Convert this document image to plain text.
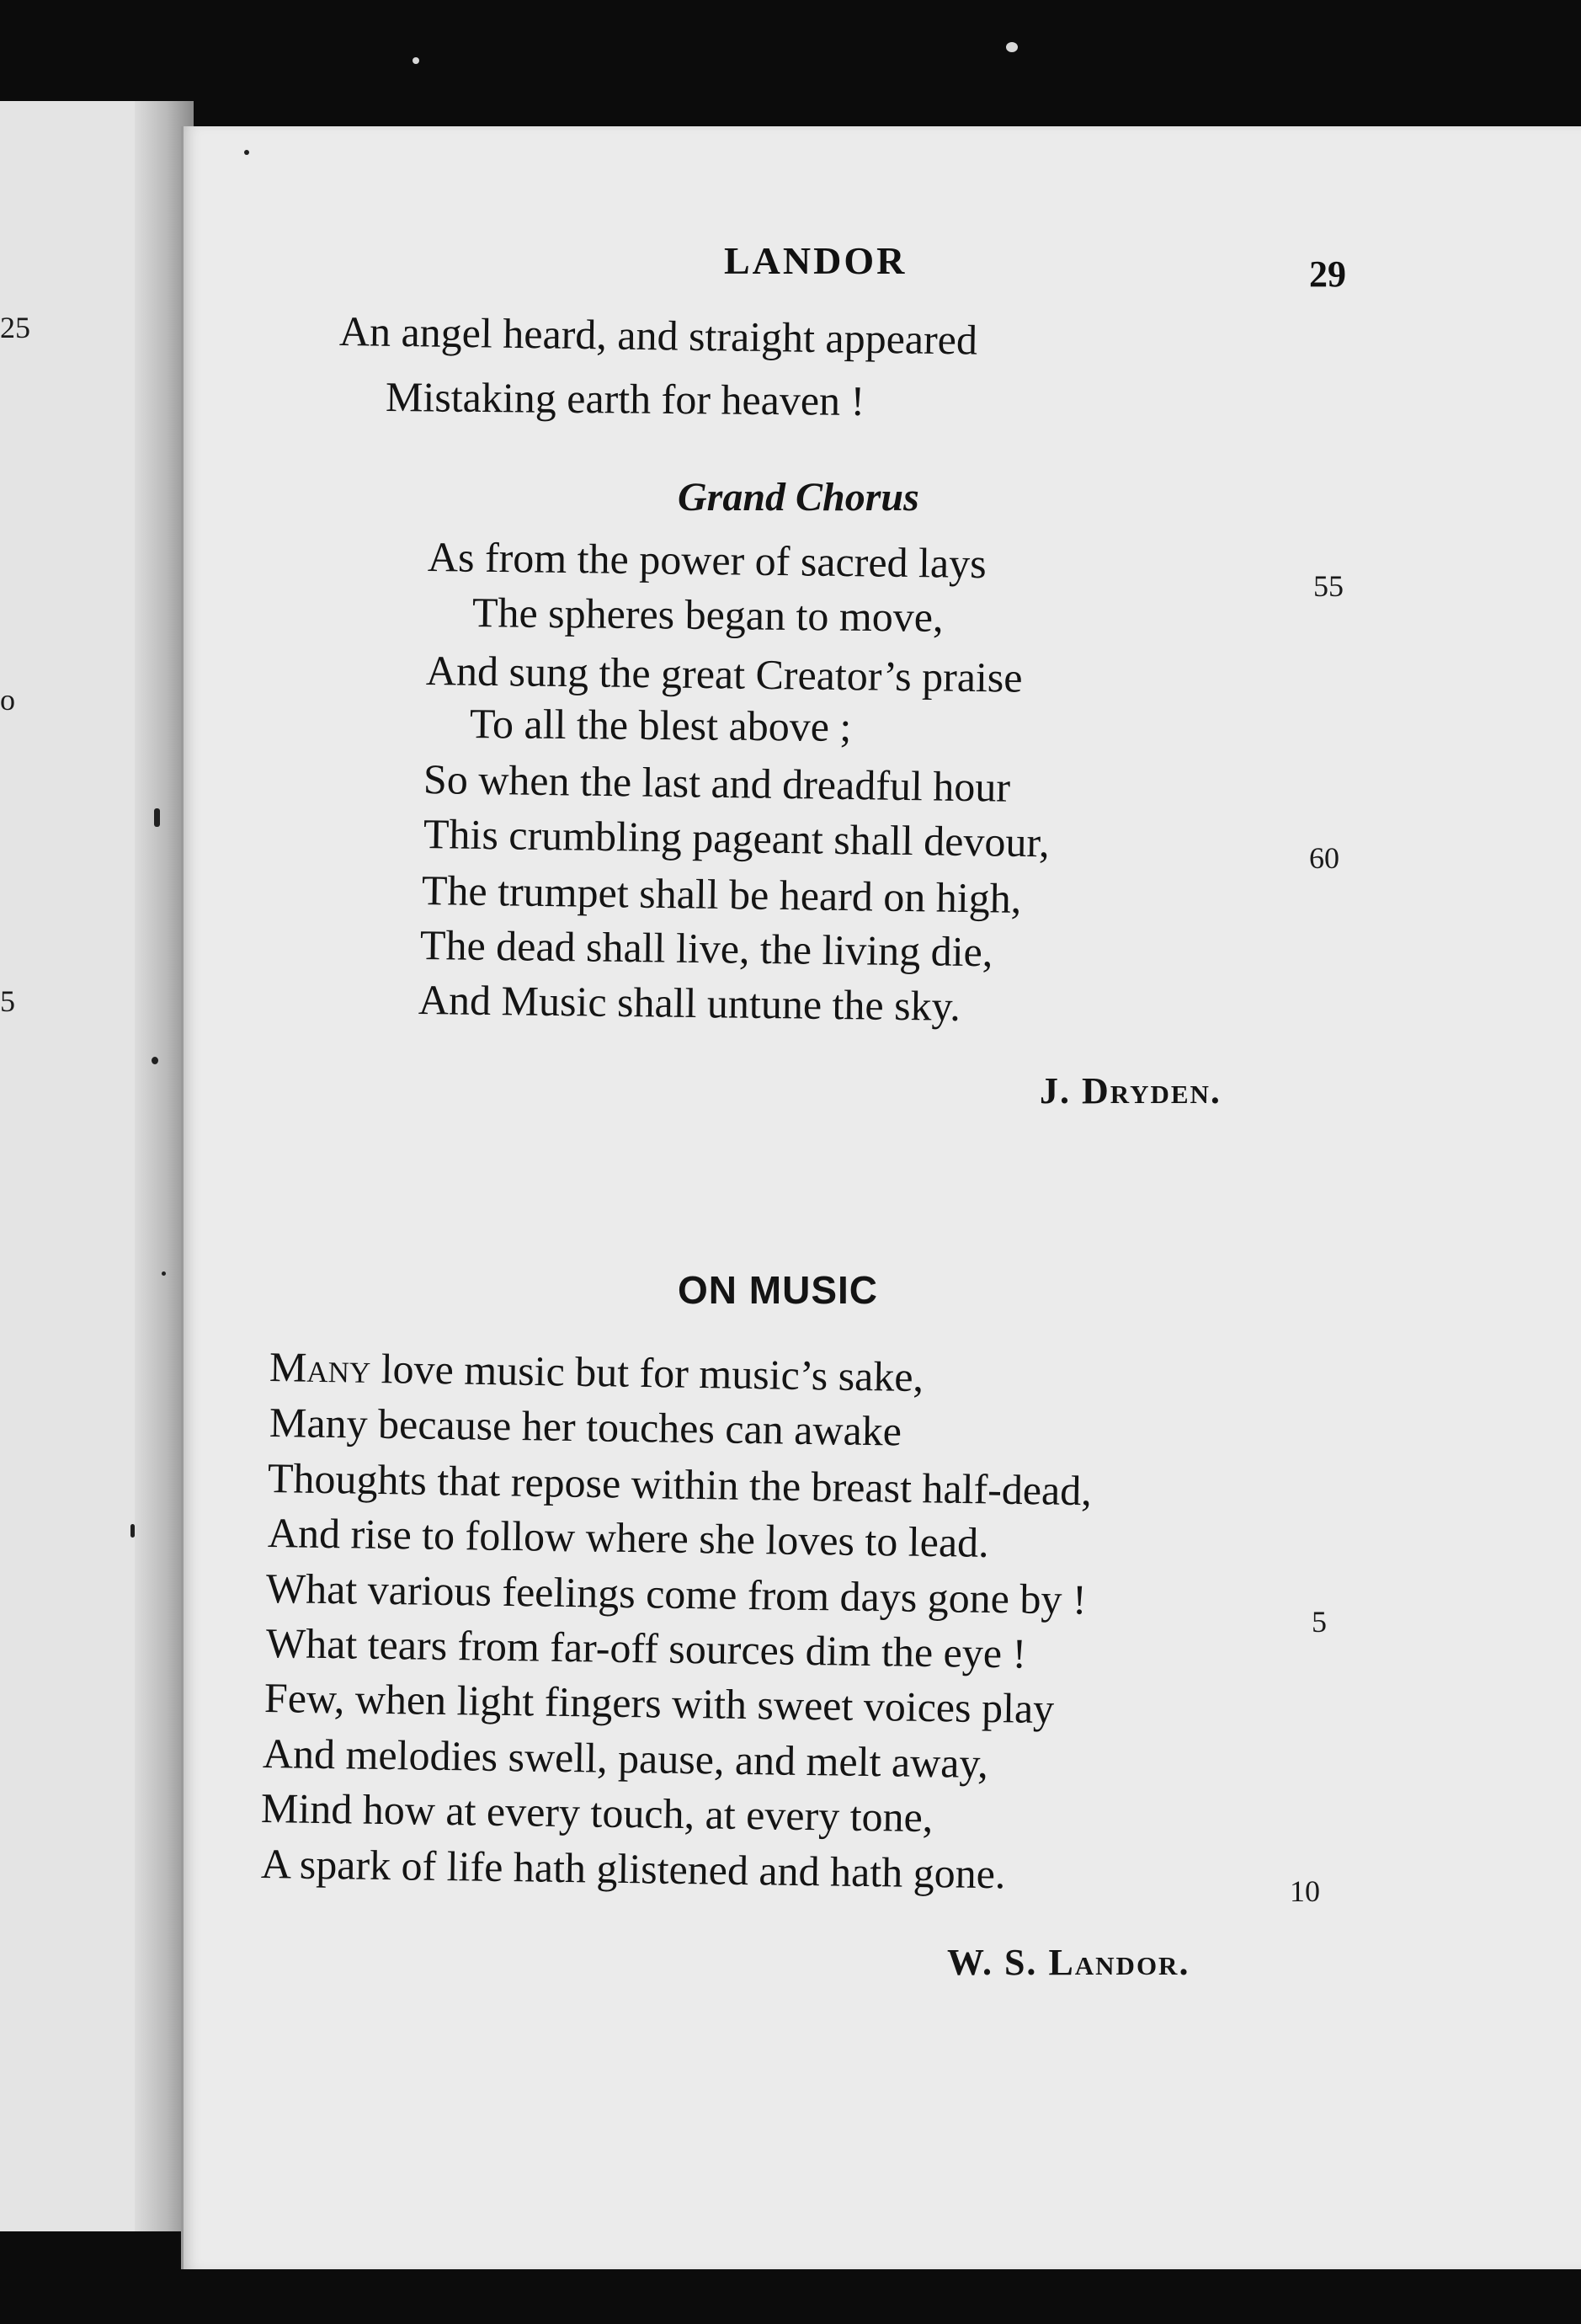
25
o
5
LANDOR	29
An angel heard, and straight appeared
Mistaking earth for heaven !
Grand Chorus
As from the power of sacred lays
The spheres began to move,
And sung the great Creator’s praise
To all the blest above ;
So when the last and dreadful hour
This crumbling pageant shall devour,
The trumpet shall be heard on high,
The dead shall live, the living die,
And Music shall untune the sky.
55
60
J. Dryden.
ON MUSIC
Many love music but for music’s sake,
Many because her touches can awake
Thoughts that repose within the breast half-dead,
And rise to follow where she loves to lead.
What various feelings come from days gone by !
What tears from far-off sources dim the eye !
Few, when light fingers with sweet voices play
And melodies swell, pause, and melt away,
Mind how at every touch, at every tone,
A spark of life hath glistened and hath gone.
5
10
W. S. Landor.
